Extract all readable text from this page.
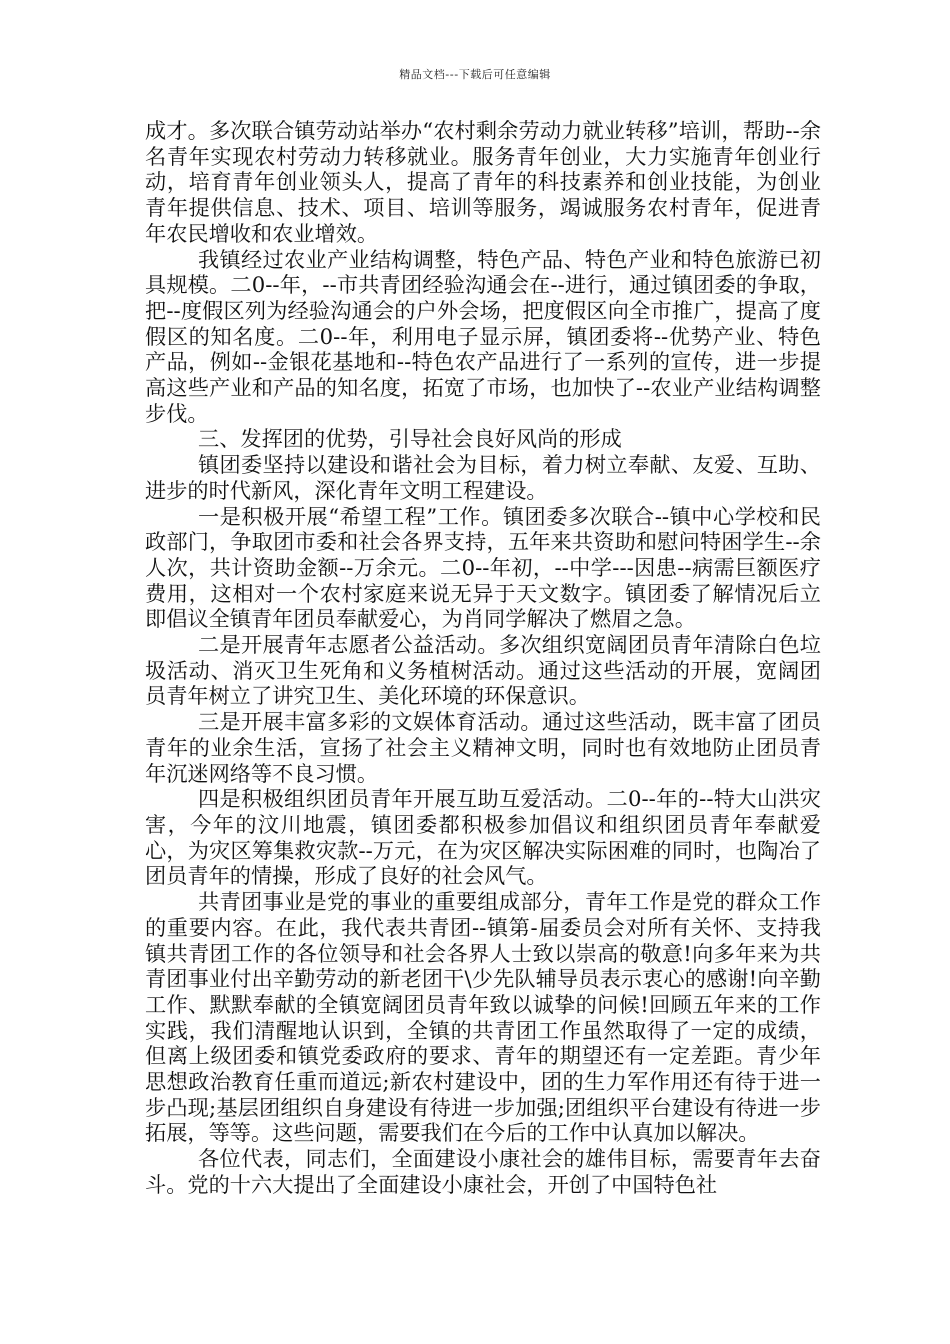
精品文档---下载后可任意编辑

成才。多次联合镇劳动站举办“农村剩余劳动力就业转移”培训，帮助--余名青年实现农村劳动力转移就业。服务青年创业，大力实施青年创业行动，培育青年创业领头人，提高了青年的科技素养和创业技能，为创业青年提供信息、技术、项目、培训等服务，竭诚服务农村青年，促进青年农民增收和农业增效。

我镇经过农业产业结构调整，特色产品、特色产业和特色旅游已初具规模。二0--年，--市共青团经验沟通会在--进行，通过镇团委的争取，把--度假区列为经验沟通会的户外会场，把度假区向全市推广，提高了度假区的知名度。二0--年，利用电子显示屏，镇团委将--优势产业、特色产品，例如--金银花基地和--特色农产品进行了一系列的宣传，进一步提高这些产业和产品的知名度，拓宽了市场，也加快了--农业产业结构调整步伐。

三、发挥团的优势，引导社会良好风尚的形成

镇团委坚持以建设和谐社会为目标，着力树立奉献、友爱、互助、进步的时代新风，深化青年文明工程建设。

一是积极开展“希望工程”工作。镇团委多次联合--镇中心学校和民政部门，争取团市委和社会各界支持，五年来共资助和慰问特困学生--余人次，共计资助金额--万余元。二0--年初，--中学---因患--病需巨额医疗费用，这相对一个农村家庭来说无异于天文数字。镇团委了解情况后立即倡议全镇青年团员奉献爱心，为肖同学解决了燃眉之急。

二是开展青年志愿者公益活动。多次组织宽阔团员青年清除白色垃圾活动、消灭卫生死角和义务植树活动。通过这些活动的开展，宽阔团员青年树立了讲究卫生、美化环境的环保意识。

三是开展丰富多彩的文娱体育活动。通过这些活动，既丰富了团员青年的业余生活，宣扬了社会主义精神文明，同时也有效地防止团员青年沉迷网络等不良习惯。

四是积极组织团员青年开展互助互爱活动。二0--年的--特大山洪灾害，今年的汶川地震，镇团委都积极参加倡议和组织团员青年奉献爱心，为灾区筹集救灾款--万元，在为灾区解决实际困难的同时，也陶冶了团员青年的情操，形成了良好的社会风气。

共青团事业是党的事业的重要组成部分，青年工作是党的群众工作的重要内容。在此，我代表共青团--镇第-届委员会对所有关怀、支持我镇共青团工作的各位领导和社会各界人士致以崇高的敬意!向多年来为共青团事业付出辛勤劳动的新老团干\少先队辅导员表示衷心的感谢!向辛勤工作、默默奉献的全镇宽阔团员青年致以诚挚的问候!回顾五年来的工作实践，我们清醒地认识到，全镇的共青团工作虽然取得了一定的成绩，但离上级团委和镇党委政府的要求、青年的期望还有一定差距。青少年思想政治教育任重而道远;新农村建设中，团的生力军作用还有待于进一步凸现;基层团组织自身建设有待进一步加强;团组织平台建设有待进一步拓展，等等。这些问题，需要我们在今后的工作中认真加以解决。

各位代表，同志们，全面建设小康社会的雄伟目标，需要青年去奋斗。党的十六大提出了全面建设小康社会，开创了中国特色社
